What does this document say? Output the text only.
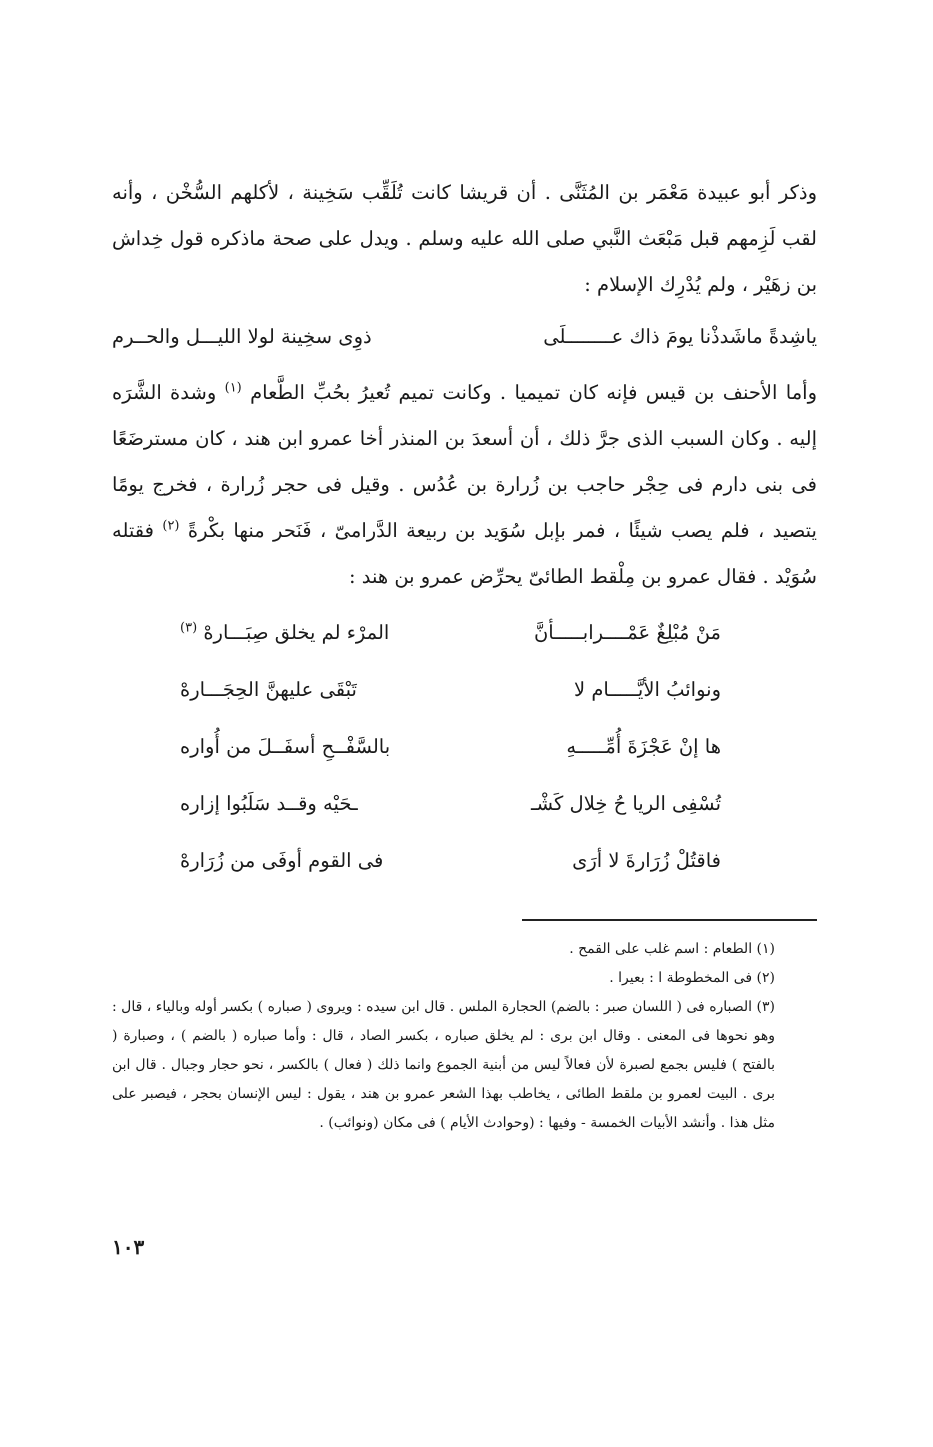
وذكر أبو عبيدة مَعْمَر بن المُثَنَّى . أن قريشا كانت تُلَقِّب سَخِينة ، لأكلهم السُّخْن ، وأنه لقب لَزِمهم قبل مَبْعَث النَّبي صلى الله عليه وسلم . ويدل على صحة ماذكره قول خِداش بن زهَيْر ، ولم يُدْرِك الإسلام :

ياشِدةً ماشَدذْنا يومَ ذاك عــــــــلَى
ذوِى سخِينة لولا الليـــل والحــرم

وأما الأحنف بن قيس فإنه كان تميميا . وكانت تميم تُعيرُ بحُبِّ الطَّعام $^{(١)}$ وشدة الشَّرَه إليه . وكان السبب الذى جرَّ ذلك ، أن أسعدَ بن المنذر أخا عمرو ابن هند ، كان مسترضَعًا فى بنى دارم فى حِجْر حاجب بن زُرارة بن عُدُس . وقيل فى حجر زُرارة ، فخرج يومًا يتصيد ، فلم يصب شيئًا ، فمر بإبل سُوَيد بن ربيعة الدَّرامىّ ، فَنَحر منها بكْرةً $^{(٢)}$ فقتله سُوَيْد . فقال عمرو بن مِلْقط الطائىّ يحرِّض عمرو بن هند :

مَنْ مُبْلِغٌ عَمْــــرابـــــأنَّ
المرْء لم يخلق صِبَـــارهْ $^{(٣)}$
ونوائبُ الأيَّـــــام لا
تَبْقَى عليهنَّ الحِجَـــارهْ
ها إنْ عَجْزَةَ أُمِّـــــهِ
بالسَّفْــحِ أسفَــلَ من أُواره
تُسْفِى الريا حُ خِلال كَشْـ
ـحَيْه وقــد سَلَبُوا إزاره
فاقتُلْ زُرَارةَ لا أرَى
فى القوم أوفَى من زُرَارهْ

(١) الطعام : اسم غلب على القمح .

(٢) فى المخطوطة ا : بعيرا .

(٣) الصباره فى ( اللسان صبر : بالضم) الحجارة الملس . قال ابن سيده : ويروى ( صباره ) بكسر أوله وبالياء ، قال : وهو نحوها فى المعنى . وقال ابن برى : لم يخلق صباره ، بكسر الصاد ، قال : وأما صباره ( بالضم ) ، وصبارة ( بالفتح ) فليس بجمع لصبرة لأن فعالاً ليس من أبنية الجموع وانما ذلك ( فعال ) بالكسر ، نحو حجار وجبال . قال ابن برى . البيت لعمرو بن ملقط الطائى ، يخاطب بهذا الشعر عمرو بن هند ، يقول : ليس الإنسان بحجر ، فيصبر على مثل هذا . وأنشد الأبيات الخمسة - وفيها : (وحوادث الأيام ) فى مكان (ونوائب) .

١٠٣
